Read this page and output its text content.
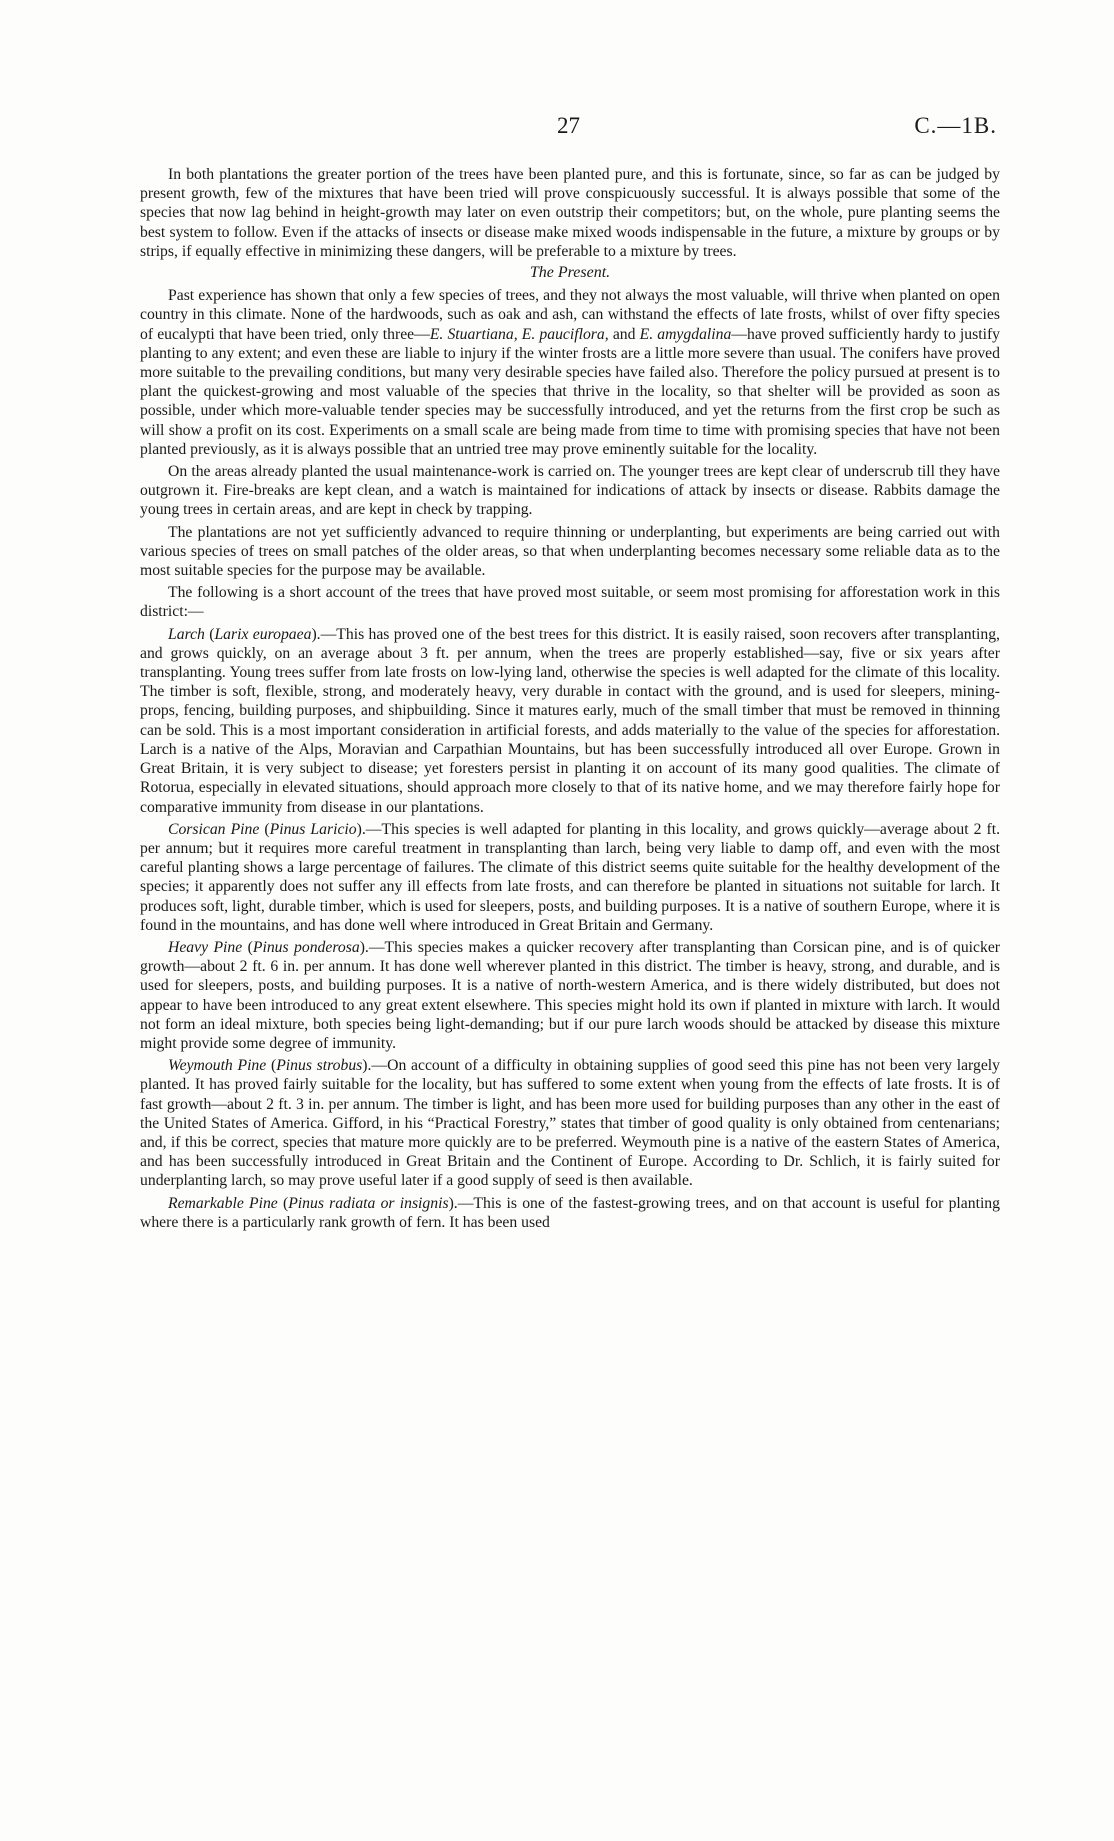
27	C.—1B.

In both plantations the greater portion of the trees have been planted pure, and this is fortunate, since, so far as can be judged by present growth, few of the mixtures that have been tried will prove conspicuously successful. It is always possible that some of the species that now lag behind in height-growth may later on even outstrip their competitors; but, on the whole, pure planting seems the best system to follow. Even if the attacks of insects or disease make mixed woods indispensable in the future, a mixture by groups or by strips, if equally effective in minimizing these dangers, will be preferable to a mixture by trees.

The Present.

Past experience has shown that only a few species of trees, and they not always the most valuable, will thrive when planted on open country in this climate. None of the hardwoods, such as oak and ash, can withstand the effects of late frosts, whilst of over fifty species of eucalypti that have been tried, only three—E. Stuartiana, E. pauciflora, and E. amygdalina—have proved sufficiently hardy to justify planting to any extent; and even these are liable to injury if the winter frosts are a little more severe than usual. The conifers have proved more suitable to the prevailing conditions, but many very desirable species have failed also. Therefore the policy pursued at present is to plant the quickest-growing and most valuable of the species that thrive in the locality, so that shelter will be provided as soon as possible, under which more-valuable tender species may be successfully introduced, and yet the returns from the first crop be such as will show a profit on its cost. Experiments on a small scale are being made from time to time with promising species that have not been planted previously, as it is always possible that an untried tree may prove eminently suitable for the locality.

On the areas already planted the usual maintenance-work is carried on. The younger trees are kept clear of underscrub till they have outgrown it. Fire-breaks are kept clean, and a watch is maintained for indications of attack by insects or disease. Rabbits damage the young trees in certain areas, and are kept in check by trapping.

The plantations are not yet sufficiently advanced to require thinning or underplanting, but experiments are being carried out with various species of trees on small patches of the older areas, so that when underplanting becomes necessary some reliable data as to the most suitable species for the purpose may be available.

The following is a short account of the trees that have proved most suitable, or seem most promising for afforestation work in this district:—

Larch (Larix europaea).—This has proved one of the best trees for this district. It is easily raised, soon recovers after transplanting, and grows quickly, on an average about 3 ft. per annum, when the trees are properly established—say, five or six years after transplanting. Young trees suffer from late frosts on low-lying land, otherwise the species is well adapted for the climate of this locality. The timber is soft, flexible, strong, and moderately heavy, very durable in contact with the ground, and is used for sleepers, mining-props, fencing, building purposes, and shipbuilding. Since it matures early, much of the small timber that must be removed in thinning can be sold. This is a most important consideration in artificial forests, and adds materially to the value of the species for afforestation. Larch is a native of the Alps, Moravian and Carpathian Mountains, but has been successfully introduced all over Europe. Grown in Great Britain, it is very subject to disease; yet foresters persist in planting it on account of its many good qualities. The climate of Rotorua, especially in elevated situations, should approach more closely to that of its native home, and we may therefore fairly hope for comparative immunity from disease in our plantations.

Corsican Pine (Pinus Laricio).—This species is well adapted for planting in this locality, and grows quickly—average about 2 ft. per annum; but it requires more careful treatment in transplanting than larch, being very liable to damp off, and even with the most careful planting shows a large percentage of failures. The climate of this district seems quite suitable for the healthy development of the species; it apparently does not suffer any ill effects from late frosts, and can therefore be planted in situations not suitable for larch. It produces soft, light, durable timber, which is used for sleepers, posts, and building purposes. It is a native of southern Europe, where it is found in the mountains, and has done well where introduced in Great Britain and Germany.

Heavy Pine (Pinus ponderosa).—This species makes a quicker recovery after transplanting than Corsican pine, and is of quicker growth—about 2 ft. 6 in. per annum. It has done well wherever planted in this district. The timber is heavy, strong, and durable, and is used for sleepers, posts, and building purposes. It is a native of north-western America, and is there widely distributed, but does not appear to have been introduced to any great extent elsewhere. This species might hold its own if planted in mixture with larch. It would not form an ideal mixture, both species being light-demanding; but if our pure larch woods should be attacked by disease this mixture might provide some degree of immunity.

Weymouth Pine (Pinus strobus).—On account of a difficulty in obtaining supplies of good seed this pine has not been very largely planted. It has proved fairly suitable for the locality, but has suffered to some extent when young from the effects of late frosts. It is of fast growth—about 2 ft. 3 in. per annum. The timber is light, and has been more used for building purposes than any other in the east of the United States of America. Gifford, in his “Practical Forestry,” states that timber of good quality is only obtained from centenarians; and, if this be correct, species that mature more quickly are to be preferred. Weymouth pine is a native of the eastern States of America, and has been successfully introduced in Great Britain and the Continent of Europe. According to Dr. Schlich, it is fairly suited for underplanting larch, so may prove useful later if a good supply of seed is then available.

Remarkable Pine (Pinus radiata or insignis).—This is one of the fastest-growing trees, and on that account is useful for planting where there is a particularly rank growth of fern. It has been used
